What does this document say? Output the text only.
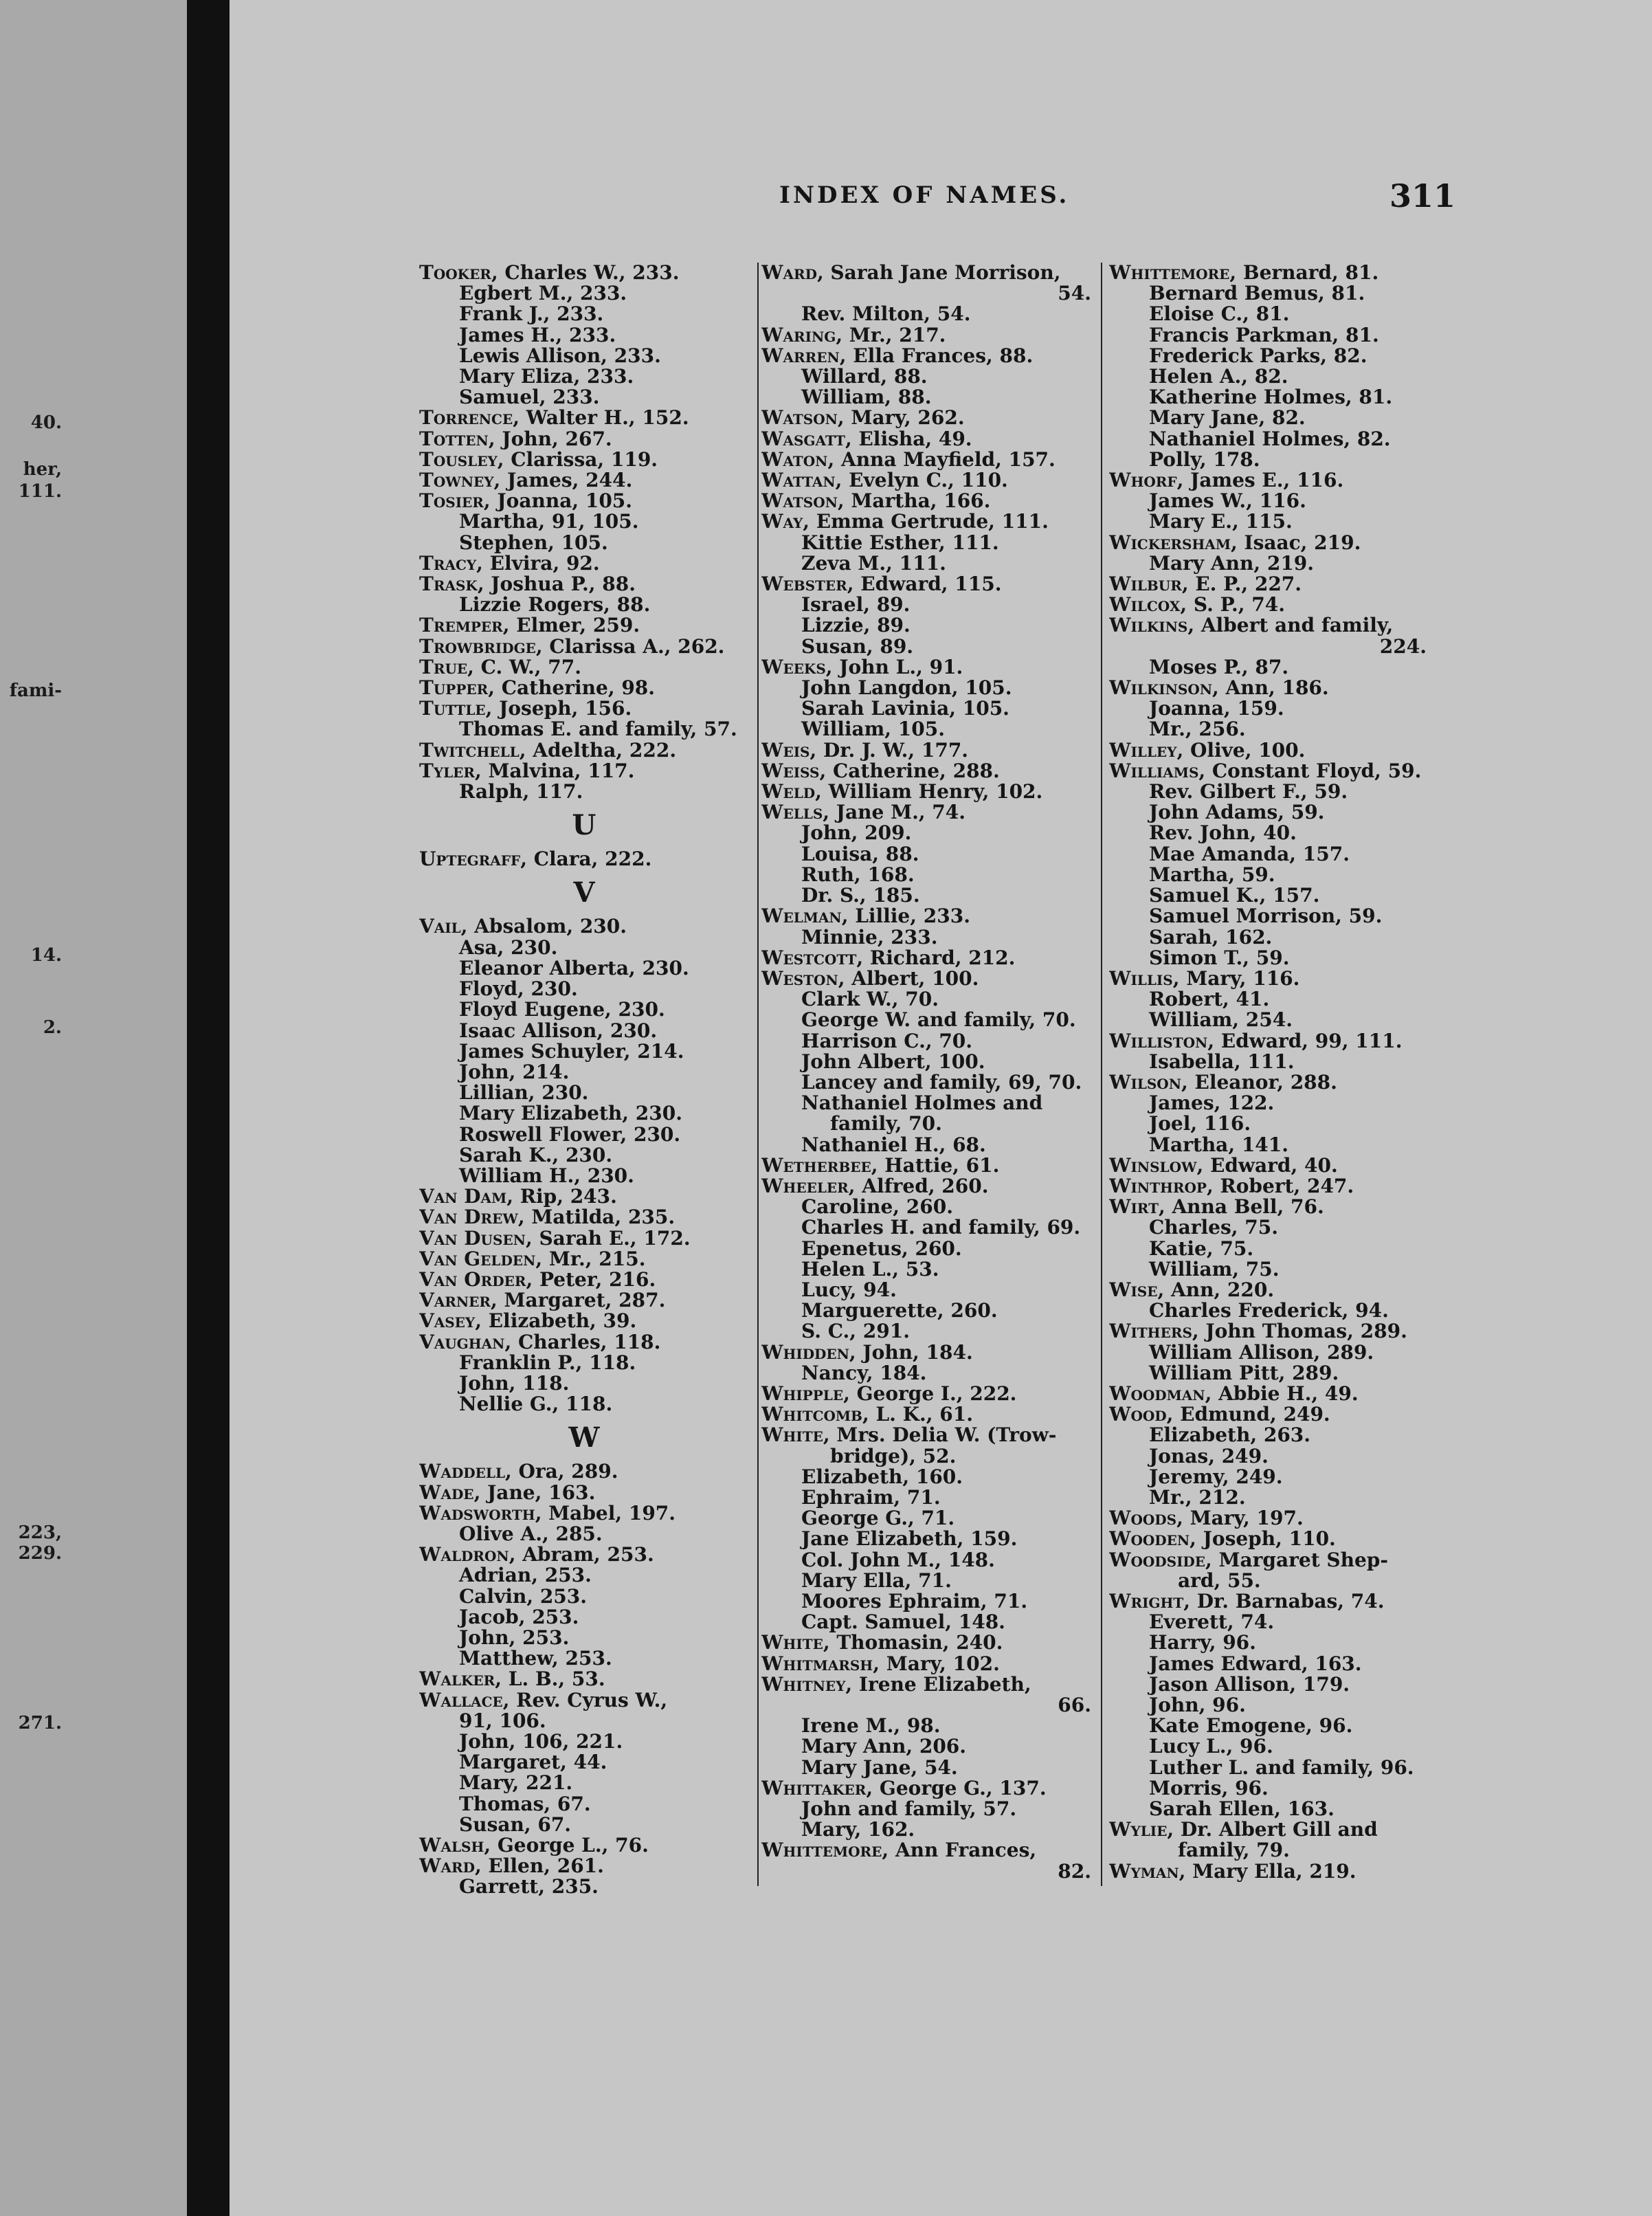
40.
her,
111.
fami-
14.
2.
223,
229.
271.
INDEX OF NAMES.	311
Tooker, Charles W., 233.
Egbert M., 233.
Frank J., 233.
James H., 233.
Lewis Allison, 233.
Mary Eliza, 233.
Samuel, 233.
Torrence, Walter H., 152.
Totten, John, 267.
Tousley, Clarissa, 119.
Towney, James, 244.
Tosier, Joanna, 105.
Martha, 91, 105.
Stephen, 105.
Tracy, Elvira, 92.
Trask, Joshua P., 88.
Lizzie Rogers, 88.
Tremper, Elmer, 259.
Trowbridge, Clarissa A., 262.
True, C. W., 77.
Tupper, Catherine, 98.
Tuttle, Joseph, 156.
Thomas E. and family, 57.
Twitchell, Adeltha, 222.
Tyler, Malvina, 117.
Ralph, 117.
U
Uptegraff, Clara, 222.
V
Vail, Absalom, 230.
Asa, 230.
Eleanor Alberta, 230.
Floyd, 230.
Floyd Eugene, 230.
Isaac Allison, 230.
James Schuyler, 214.
John, 214.
Lillian, 230.
Mary Elizabeth, 230.
Roswell Flower, 230.
Sarah K., 230.
William H., 230.
Van Dam, Rip, 243.
Van Drew, Matilda, 235.
Van Dusen, Sarah E., 172.
Van Gelden, Mr., 215.
Van Order, Peter, 216.
Varner, Margaret, 287.
Vasey, Elizabeth, 39.
Vaughan, Charles, 118.
Franklin P., 118.
John, 118.
Nellie G., 118.
W
Waddell, Ora, 289.
Wade, Jane, 163.
Wadsworth, Mabel, 197.
Olive A., 285.
Waldron, Abram, 253.
Adrian, 253.
Calvin, 253.
Jacob, 253.
John, 253.
Matthew, 253.
Walker, L. B., 53.
Wallace, Rev. Cyrus W.,
91, 106.
John, 106, 221.
Margaret, 44.
Mary, 221.
Thomas, 67.
Susan, 67.
Walsh, George L., 76.
Ward, Ellen, 261.
Garrett, 235.
Ward, Sarah Jane Morrison,
54.
Rev. Milton, 54.
Waring, Mr., 217.
Warren, Ella Frances, 88.
Willard, 88.
William, 88.
Watson, Mary, 262.
Wasgatt, Elisha, 49.
Waton, Anna Mayfield, 157.
Wattan, Evelyn C., 110.
Watson, Martha, 166.
Way, Emma Gertrude, 111.
Kittie Esther, 111.
Zeva M., 111.
Webster, Edward, 115.
Israel, 89.
Lizzie, 89.
Susan, 89.
Weeks, John L., 91.
John Langdon, 105.
Sarah Lavinia, 105.
William, 105.
Weis, Dr. J. W., 177.
Weiss, Catherine, 288.
Weld, William Henry, 102.
Wells, Jane M., 74.
John, 209.
Louisa, 88.
Ruth, 168.
Dr. S., 185.
Welman, Lillie, 233.
Minnie, 233.
Westcott, Richard, 212.
Weston, Albert, 100.
Clark W., 70.
George W. and family, 70.
Harrison C., 70.
John Albert, 100.
Lancey and family, 69, 70.
Nathaniel Holmes and
family, 70.
Nathaniel H., 68.
Wetherbee, Hattie, 61.
Wheeler, Alfred, 260.
Caroline, 260.
Charles H. and family, 69.
Epenetus, 260.
Helen L., 53.
Lucy, 94.
Marguerette, 260.
S. C., 291.
Whidden, John, 184.
Nancy, 184.
Whipple, George I., 222.
Whitcomb, L. K., 61.
White, Mrs. Delia W. (Trow-
bridge), 52.
Elizabeth, 160.
Ephraim, 71.
George G., 71.
Jane Elizabeth, 159.
Col. John M., 148.
Mary Ella, 71.
Moores Ephraim, 71.
Capt. Samuel, 148.
White, Thomasin, 240.
Whitmarsh, Mary, 102.
Whitney, Irene Elizabeth,
66.
Irene M., 98.
Mary Ann, 206.
Mary Jane, 54.
Whittaker, George G., 137.
John and family, 57.
Mary, 162.
Whittemore, Ann Frances,
82.
Whittemore, Bernard, 81.
Bernard Bemus, 81.
Eloise C., 81.
Francis Parkman, 81.
Frederick Parks, 82.
Helen A., 82.
Katherine Holmes, 81.
Mary Jane, 82.
Nathaniel Holmes, 82.
Polly, 178.
Whorf, James E., 116.
James W., 116.
Mary E., 115.
Wickersham, Isaac, 219.
Mary Ann, 219.
Wilbur, E. P., 227.
Wilcox, S. P., 74.
Wilkins, Albert and family,
224.
Moses P., 87.
Wilkinson, Ann, 186.
Joanna, 159.
Mr., 256.
Willey, Olive, 100.
Williams, Constant Floyd, 59.
Rev. Gilbert F., 59.
John Adams, 59.
Rev. John, 40.
Mae Amanda, 157.
Martha, 59.
Samuel K., 157.
Samuel Morrison, 59.
Sarah, 162.
Simon T., 59.
Willis, Mary, 116.
Robert, 41.
William, 254.
Williston, Edward, 99, 111.
Isabella, 111.
Wilson, Eleanor, 288.
James, 122.
Joel, 116.
Martha, 141.
Winslow, Edward, 40.
Winthrop, Robert, 247.
Wirt, Anna Bell, 76.
Charles, 75.
Katie, 75.
William, 75.
Wise, Ann, 220.
Charles Frederick, 94.
Withers, John Thomas, 289.
William Allison, 289.
William Pitt, 289.
Woodman, Abbie H., 49.
Wood, Edmund, 249.
Elizabeth, 263.
Jonas, 249.
Jeremy, 249.
Mr., 212.
Woods, Mary, 197.
Wooden, Joseph, 110.
Woodside, Margaret Shep-
ard, 55.
Wright, Dr. Barnabas, 74.
Everett, 74.
Harry, 96.
James Edward, 163.
Jason Allison, 179.
John, 96.
Kate Emogene, 96.
Lucy L., 96.
Luther L. and family, 96.
Morris, 96.
Sarah Ellen, 163.
Wylie, Dr. Albert Gill and
family, 79.
Wyman, Mary Ella, 219.
